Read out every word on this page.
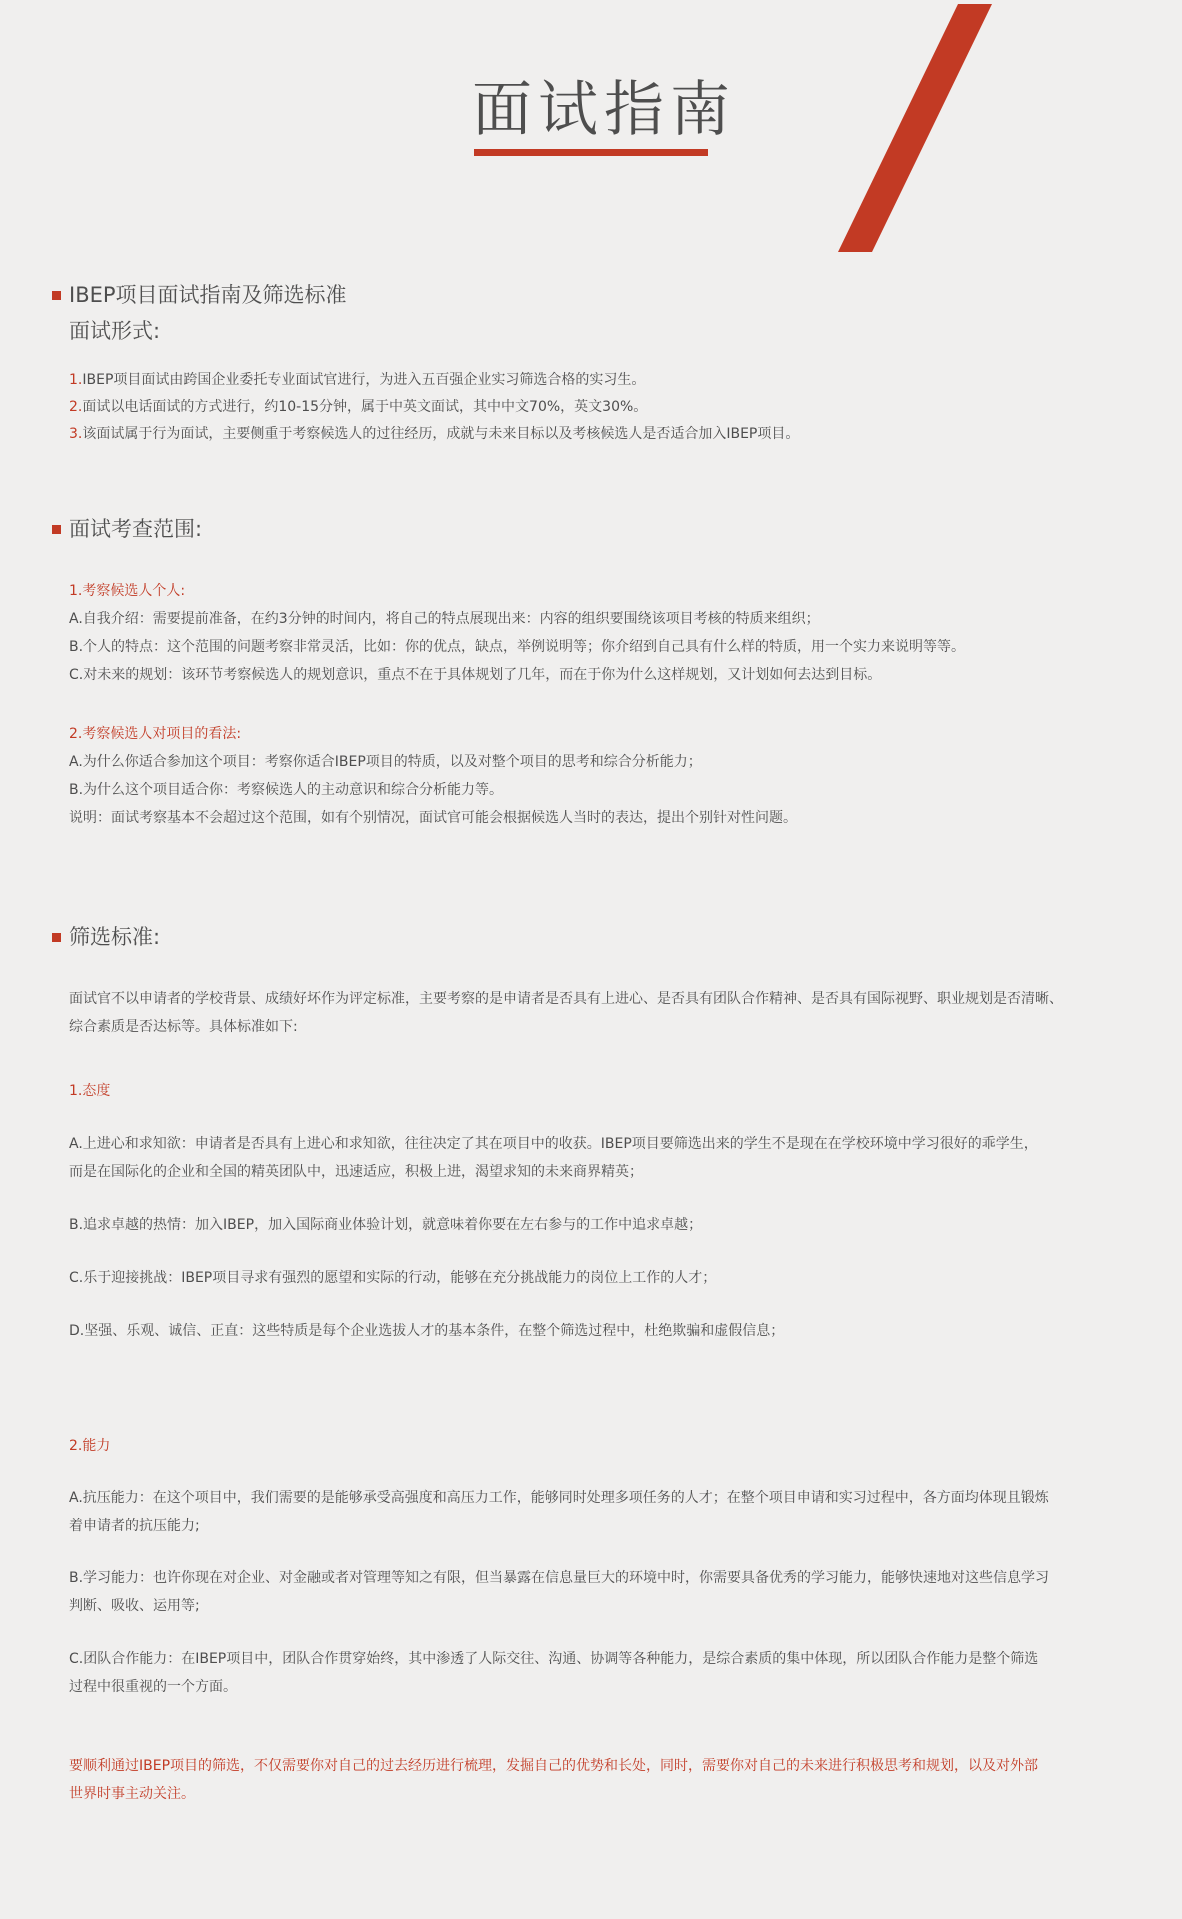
面试指南
IBEP项目面试指南及筛选标准
面试形式:

1.IBEP项目面试由跨国企业委托专业面试官进行，为进入五百强企业实习筛选合格的实习生。

2.面试以电话面试的方式进行，约10-15分钟，属于中英文面试，其中中文70%，英文30%。

3.该面试属于行为面试，主要侧重于考察候选人的过往经历，成就与未来目标以及考核候选人是否适合加入IBEP项目。

面试考查范围:

1.考察候选人个人:

A.自我介绍：需要提前准备，在约3分钟的时间内，将自己的特点展现出来：内容的组织要围绕该项目考核的特质来组织；

B.个人的特点：这个范围的问题考察非常灵活，比如：你的优点，缺点，举例说明等；你介绍到自己具有什么样的特质，用一个实力来说明等等。

C.对未来的规划：该环节考察候选人的规划意识，重点不在于具体规划了几年，而在于你为什么这样规划，又计划如何去达到目标。

2.考察候选人对项目的看法:

A.为什么你适合参加这个项目：考察你适合IBEP项目的特质，以及对整个项目的思考和综合分析能力；

B.为什么这个项目适合你：考察候选人的主动意识和综合分析能力等。

说明：面试考察基本不会超过这个范围，如有个别情况，面试官可能会根据候选人当时的表达，提出个别针对性问题。

筛选标准:

面试官不以申请者的学校背景、成绩好坏作为评定标准，主要考察的是申请者是否具有上进心、是否具有团队合作精神、是否具有国际视野、职业规划是否清晰、

综合素质是否达标等。具体标准如下:

1.态度

A.上进心和求知欲：申请者是否具有上进心和求知欲，往往决定了其在项目中的收获。IBEP项目要筛选出来的学生不是现在在学校环境中学习很好的乖学生，

而是在国际化的企业和全国的精英团队中，迅速适应，积极上进，渴望求知的未来商界精英；

B.追求卓越的热情：加入IBEP，加入国际商业体验计划，就意味着你要在左右参与的工作中追求卓越；

C.乐于迎接挑战：IBEP项目寻求有强烈的愿望和实际的行动，能够在充分挑战能力的岗位上工作的人才；

D.坚强、乐观、诚信、正直：这些特质是每个企业选拔人才的基本条件，在整个筛选过程中，杜绝欺骗和虚假信息；

2.能力

A.抗压能力：在这个项目中，我们需要的是能够承受高强度和高压力工作，能够同时处理多项任务的人才；在整个项目申请和实习过程中，各方面均体现且锻炼

着申请者的抗压能力;

B.学习能力：也许你现在对企业、对金融或者对管理等知之有限，但当暴露在信息量巨大的环境中时，你需要具备优秀的学习能力，能够快速地对这些信息学习

判断、吸收、运用等;

C.团队合作能力：在IBEP项目中，团队合作贯穿始终，其中渗透了人际交往、沟通、协调等各种能力，是综合素质的集中体现，所以团队合作能力是整个筛选

过程中很重视的一个方面。

要顺利通过IBEP项目的筛选，不仅需要你对自己的过去经历进行梳理，发掘自己的优势和长处，同时，需要你对自己的未来进行积极思考和规划，以及对外部

世界时事主动关注。
